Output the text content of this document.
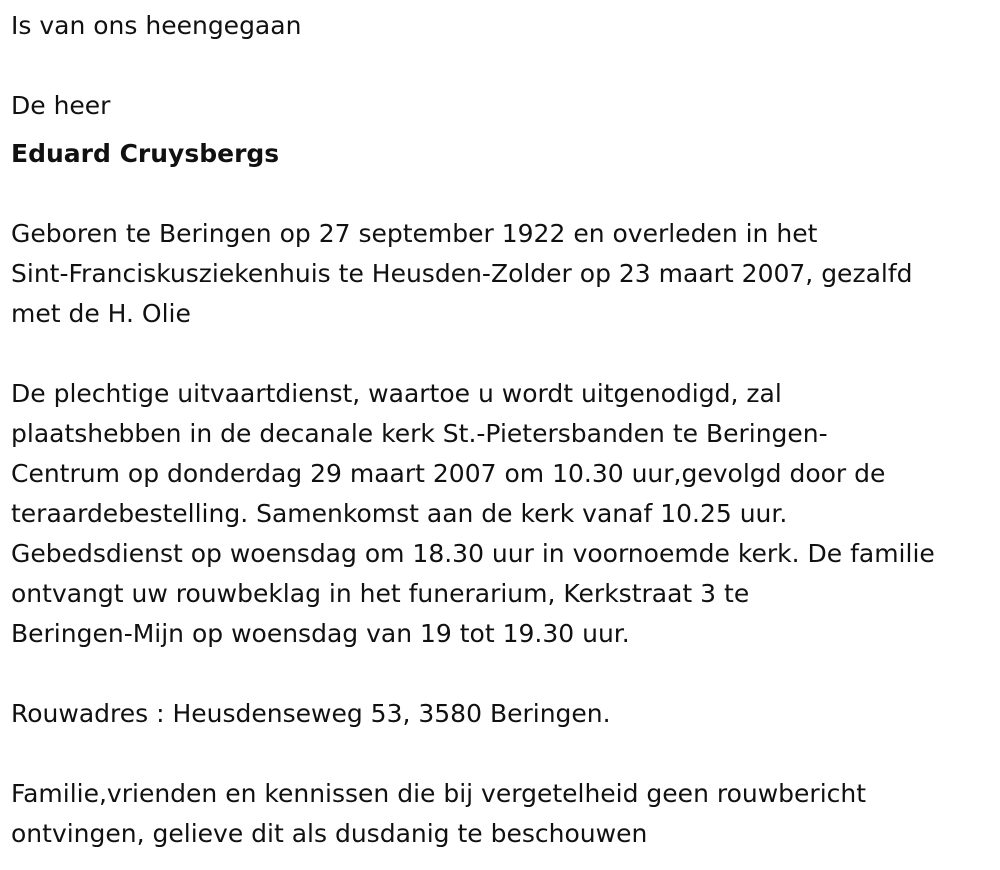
Is van ons heengegaan

De heer

Eduard Cruysbergs

Geboren te Beringen op 27 september 1922 en overleden in het

Sint-Franciskusziekenhuis te Heusden-Zolder op 23 maart 2007, gezalfd

met de H. Olie

De plechtige uitvaartdienst, waartoe u wordt uitgenodigd, zal

plaatshebben in de decanale kerk St.-Pietersbanden te Beringen-

Centrum op donderdag 29 maart 2007 om 10.30 uur,gevolgd door de

teraardebestelling. Samenkomst aan de kerk vanaf 10.25 uur.

Gebedsdienst op woensdag om 18.30 uur in voornoemde kerk. De familie

ontvangt uw rouwbeklag in het funerarium, Kerkstraat 3 te

Beringen-Mijn op woensdag van 19 tot 19.30 uur.

Rouwadres : Heusdenseweg 53, 3580 Beringen.

Familie,vrienden en kennissen die bij vergetelheid geen rouwbericht

ontvingen, gelieve dit als dusdanig te beschouwen
